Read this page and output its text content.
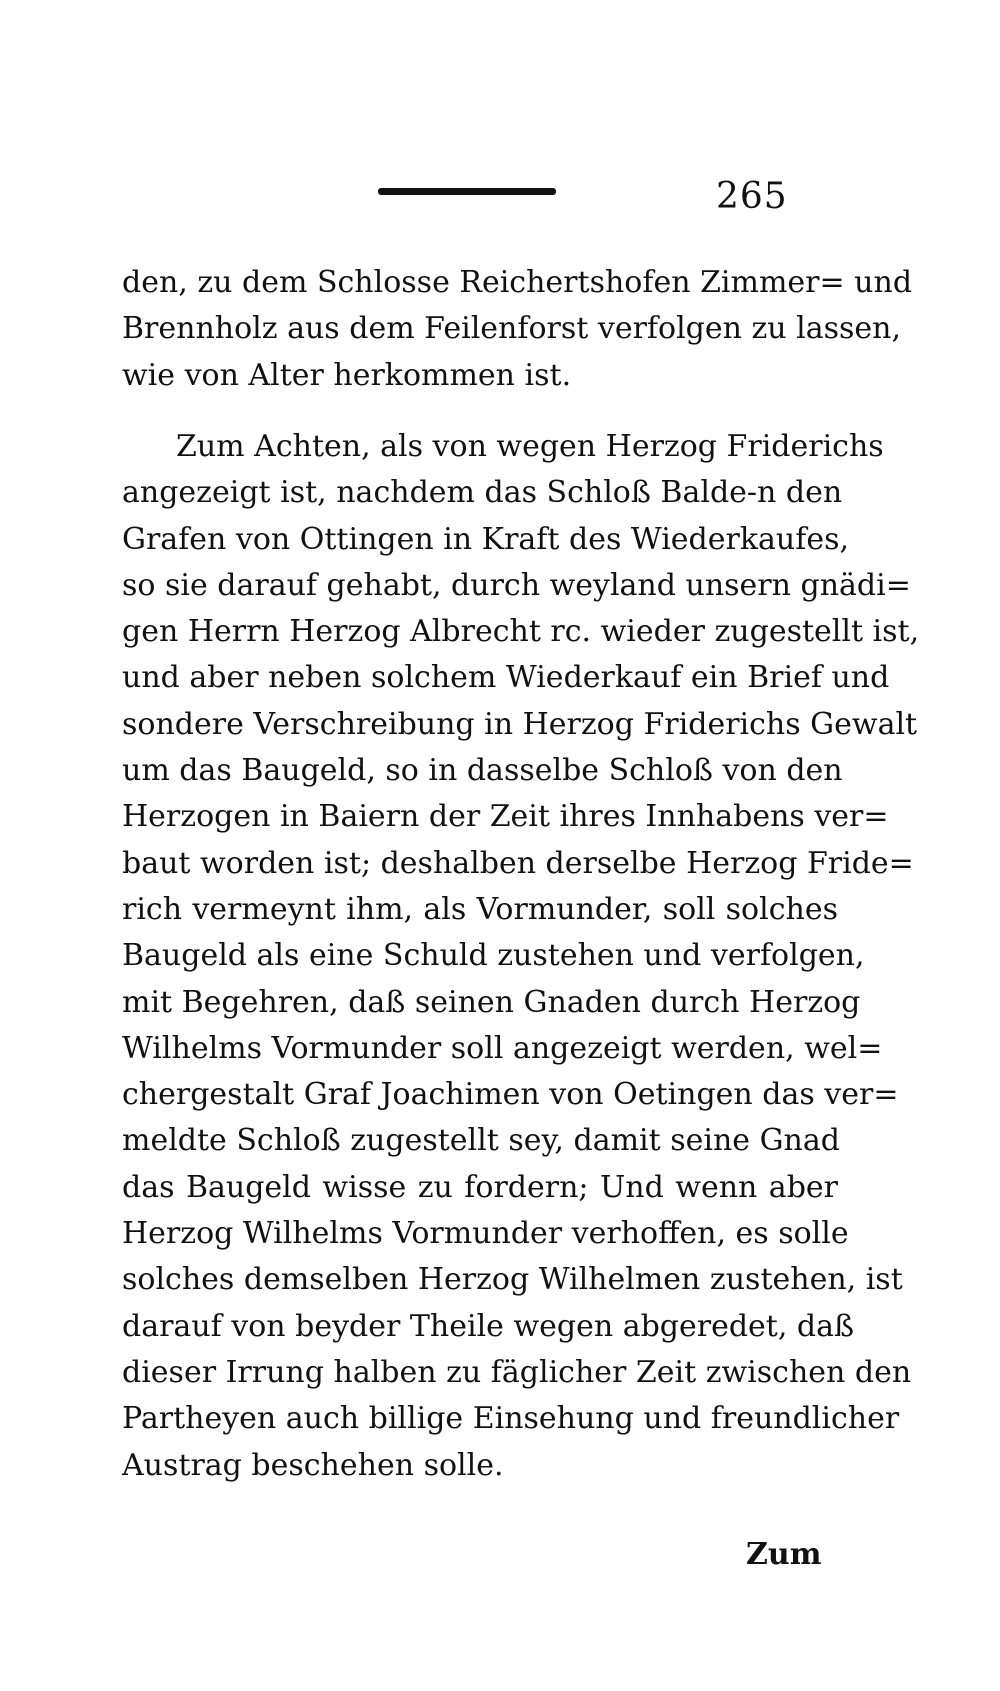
265
den, zu dem Schlosse Reichertshofen Zimmer= und
Brennholz aus dem Feilenforst verfolgen zu lassen,
wie von Alter herkommen ist.
Zum Achten, als von wegen Herzog Friderichs
angezeigt ist, nachdem das Schloß Balde-n den
Grafen von Ottingen in Kraft des Wiederkaufes,
so sie darauf gehabt, durch weyland unsern gnädi=
gen Herrn Herzog Albrecht rc. wieder zugestellt ist,
und aber neben solchem Wiederkauf ein Brief und
sondere Verschreibung in Herzog Friderichs Gewalt
um das Baugeld, so in dasselbe Schloß von den
Herzogen in Baiern der Zeit ihres Innhabens ver=
baut worden ist; deshalben derselbe Herzog Fride=
rich vermeynt ihm, als Vormunder, soll solches
Baugeld als eine Schuld zustehen und verfolgen,
mit Begehren, daß seinen Gnaden durch Herzog
Wilhelms Vormunder soll angezeigt werden, wel=
chergestalt Graf Joachimen von Oetingen das ver=
meldte Schloß zugestellt sey, damit seine Gnad
das Baugeld wisse zu fordern; Und wenn aber
Herzog Wilhelms Vormunder verhoffen, es solle
solches demselben Herzog Wilhelmen zustehen, ist
darauf von beyder Theile wegen abgeredet, daß
dieser Irrung halben zu fäglicher Zeit zwischen den
Partheyen auch billige Einsehung und freundlicher
Austrag beschehen solle.
Zum
